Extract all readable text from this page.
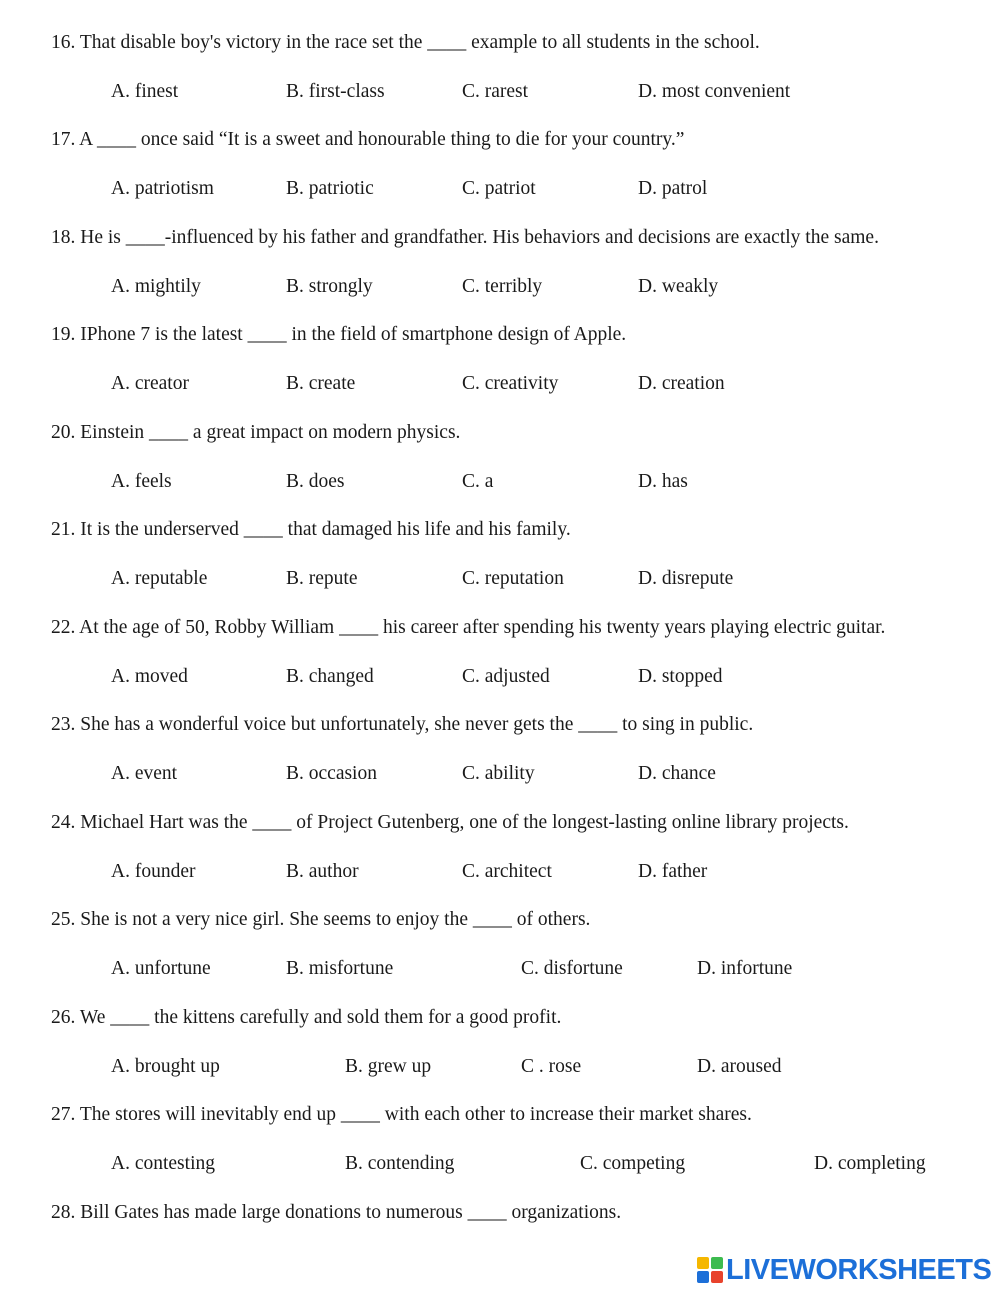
16. That disable boy's victory in the race set the ____ example to all students in the school.
A. finest	B. first-class	C. rarest	D. most convenient
17. A ____ once said “It is a sweet and honourable thing to die for your country.”
A. patriotism	B. patriotic	C. patriot	D. patrol
18. He is ____-influenced by his father and grandfather. His behaviors and decisions are exactly the same.
A. mightily	B. strongly	C. terribly	D. weakly
19. IPhone 7 is the latest ____ in the field of smartphone design of Apple.
A. creator	B. create	C. creativity	D. creation
20. Einstein ____ a great impact on modern physics.
A. feels	B. does	C. a	D. has
21. It is the underserved ____ that damaged his life and his family.
A. reputable	B. repute	C. reputation	D. disrepute
22. At the age of 50, Robby William ____ his career after spending his twenty years playing electric guitar.
A. moved	B. changed	C. adjusted	D. stopped
23. She has a wonderful voice but unfortunately, she never gets the ____ to sing in public.
A. event	B. occasion	C. ability	D. chance
24. Michael Hart was the ____ of Project Gutenberg, one of the longest-lasting online library projects.
A. founder	B. author	C. architect	D. father
25. She is not a very nice girl. She seems to enjoy the ____ of others.
A. unfortune	B. misfortune	C. disfortune	D. infortune
26. We ____ the kittens carefully and sold them for a good profit.
A. brought up	B. grew up	C . rose	D. aroused
27. The stores will inevitably end up ____ with each other to increase their market shares.
A. contesting	B. contending	C. competing	D. completing
28. Bill Gates has made large donations to numerous ____ organizations.
LIVEWORKSHEETS
